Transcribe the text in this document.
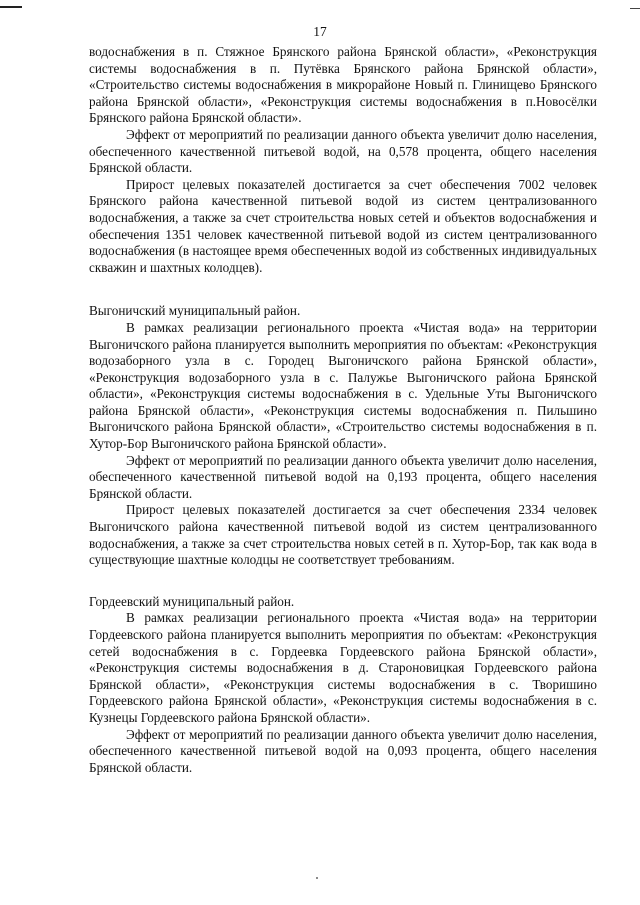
17

водоснабжения в п. Стяжное Брянского района Брянской области», «Реконструкция системы водоснабжения в п. Путёвка Брянского района Брянской области», «Строительство системы водоснабжения в микрорайоне Новый п. Глинищево Брянского района Брянской области», «Реконструкция системы водоснабжения в п.Новосёлки Брянского района Брянской области».

Эффект от мероприятий по реализации данного объекта увеличит долю населения, обеспеченного качественной питьевой водой, на 0,578 процента, общего населения Брянской области.

Прирост целевых показателей достигается за счет обеспечения 7002 человек Брянского района качественной питьевой водой из систем централизованного водоснабжения, а также за счет строительства новых сетей и объектов водоснабжения и обеспечения 1351 человек качественной питьевой водой из систем централизованного водоснабжения (в настоящее время обеспеченных водой из собственных индивидуальных скважин и шахтных колодцев).

Выгоничский муниципальный район.

В рамках реализации регионального проекта «Чистая вода» на территории Выгоничского района планируется выполнить мероприятия по объектам: «Реконструкция водозаборного узла в с. Городец Выгоничского района Брянской области», «Реконструкция водозаборного узла в с. Палужье Выгоничского района Брянской области», «Реконструкция системы водоснабжения в с. Удельные Уты Выгоничского района Брянской области», «Реконструкция системы водоснабжения п. Пильшино Выгоничского района Брянской области», «Строительство системы водоснабжения в п. Хутор-Бор Выгоничского района Брянской области».

Эффект от мероприятий по реализации данного объекта увеличит долю населения, обеспеченного качественной питьевой водой на 0,193 процента, общего населения Брянской области.

Прирост целевых показателей достигается за счет обеспечения 2334 человек Выгоничского района качественной питьевой водой из систем централизованного водоснабжения, а также за счет строительства новых сетей в п. Хутор-Бор, так как вода в существующие шахтные колодцы не соответствует требованиям.

Гордеевский муниципальный район.

В рамках реализации регионального проекта «Чистая вода» на территории Гордеевского района планируется выполнить мероприятия по объектам: «Реконструкция сетей водоснабжения в с. Гордеевка Гордеевского района Брянской области», «Реконструкция системы водоснабжения в д. Староновицкая Гордеевского района Брянской области», «Реконструкция системы водоснабжения в с. Творишино Гордеевского района Брянской области», «Реконструкция системы водоснабжения в с. Кузнецы Гордеевского района Брянской области».

Эффект от мероприятий по реализации данного объекта увеличит долю населения, обеспеченного качественной питьевой водой на 0,093 процента, общего населения Брянской области.
